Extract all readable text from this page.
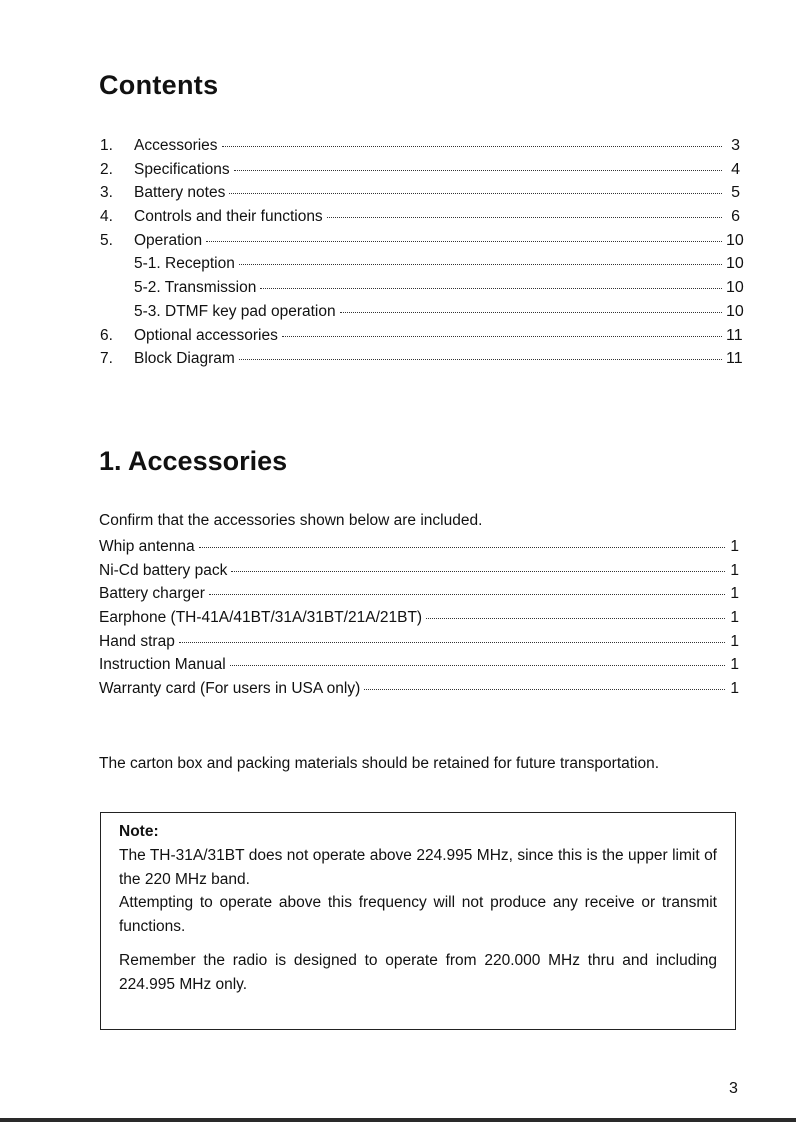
Contents
1.	Accessories	3
2.	Specifications	4
3.	Battery notes	5
4.	Controls and their functions	6
5.	Operation	10
5-1. Reception	10
5-2. Transmission	10
5-3. DTMF key pad operation	10
6.	Optional accessories	11
7.	Block Diagram	11
1. Accessories

Confirm that the accessories shown below are included.

Whip antenna	1
Ni-Cd battery pack	1
Battery charger	1
Earphone (TH-41A/41BT/31A/31BT/21A/21BT)	1
Hand strap	1
Instruction Manual	1
Warranty card (For users in USA only)	1

The carton box and packing materials should be retained for future transportation.

Note:

The TH-31A/31BT does not operate above 224.995 MHz, since this is the upper limit of the 220 MHz band.

Attempting to operate above this frequency will not produce any receive or transmit functions.

Remember the radio is designed to operate from 220.000 MHz thru and including 224.995 MHz only.

3
